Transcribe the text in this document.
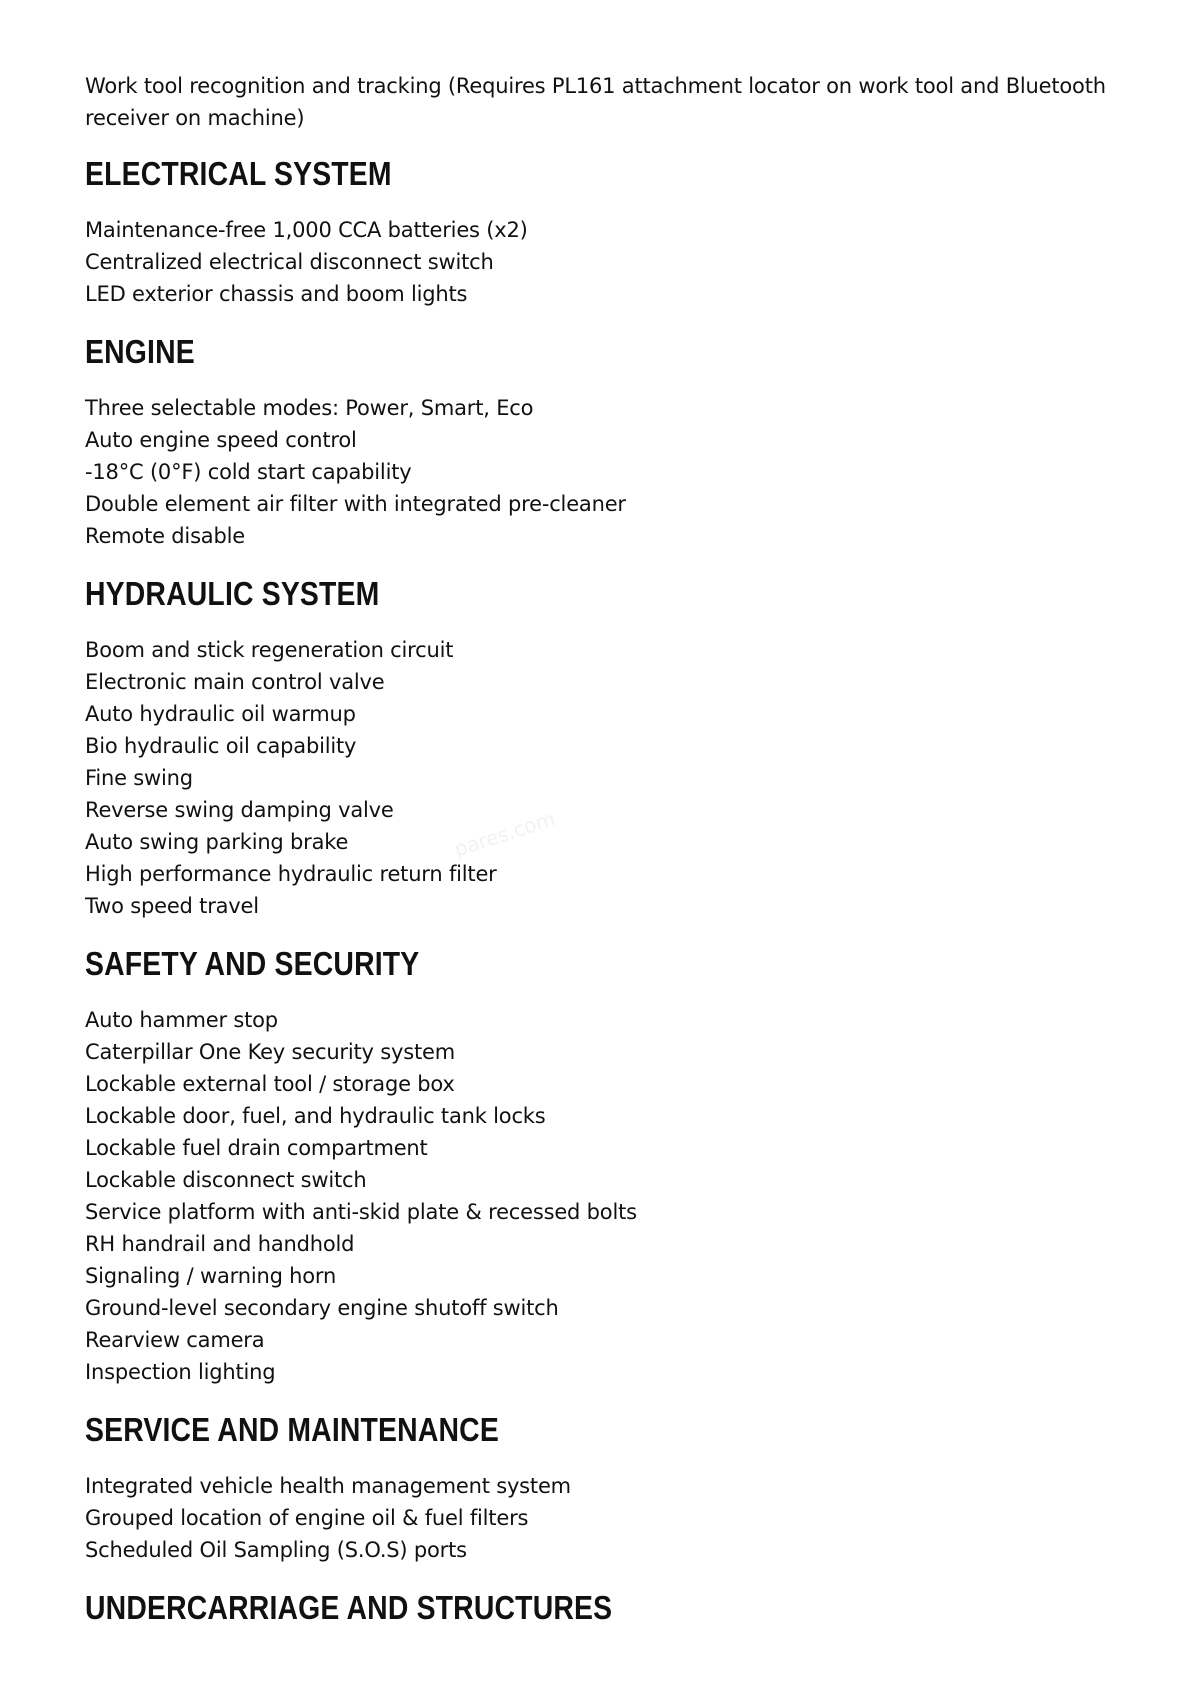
pares.com

Work tool recognition and tracking (Requires PL161 attachment locator on work tool and Bluetooth receiver on machine)

ELECTRICAL SYSTEM
Maintenance-free 1,000 CCA batteries (x2)
Centralized electrical disconnect switch
LED exterior chassis and boom lights
ENGINE
Three selectable modes: Power, Smart, Eco
Auto engine speed control
-18°C (0°F) cold start capability
Double element air filter with integrated pre-cleaner
Remote disable
HYDRAULIC SYSTEM
Boom and stick regeneration circuit
Electronic main control valve
Auto hydraulic oil warmup
Bio hydraulic oil capability
Fine swing
Reverse swing damping valve
Auto swing parking brake
High performance hydraulic return filter
Two speed travel
SAFETY AND SECURITY
Auto hammer stop
Caterpillar One Key security system
Lockable external tool / storage box
Lockable door, fuel, and hydraulic tank locks
Lockable fuel drain compartment
Lockable disconnect switch
Service platform with anti-skid plate & recessed bolts
RH handrail and handhold
Signaling / warning horn
Ground-level secondary engine shutoff switch
Rearview camera
Inspection lighting
SERVICE AND MAINTENANCE
Integrated vehicle health management system
Grouped location of engine oil & fuel filters
Scheduled Oil Sampling (S.O.S) ports
UNDERCARRIAGE AND STRUCTURES
